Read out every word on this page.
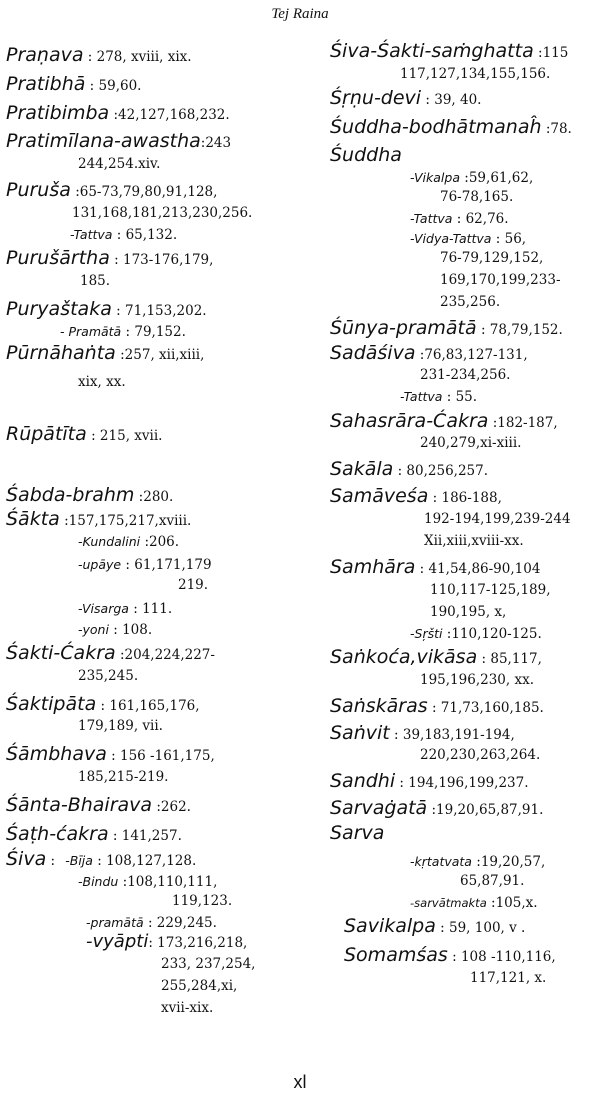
Tej Raina
Praṇava : 278, xviii, xix.
Pratibhā : 59,60.
Pratibimba :42,127,168,232.
Pratimīlana-awastha:243
244,254.xiv.
Puruša :65-73,79,80,91,128,
131,168,181,213,230,256.
-Tattva : 65,132.
Purušārtha : 173-176,179,
185.
Puryaštaka : 71,153,202.
- Pramātā : 79,152.
Pūrnāhaṅta :257, xii,xiii,
xix, xx.
Rūpātīta : 215, xvii.
Śabda-brahm :280.
Śākta :157,175,217,xviii.
-Kundalini :206.
-upāye : 61,171,179
219.
-Visarga : 111.
-yoni : 108.
Śakti-Ćakra :204,224,227-
235,245.
Śaktipāta : 161,165,176,
179,189, vii.
Śāmbhava : 156 -161,175,
185,215-219.
Śānta-Bhairava :262.
Śaṭh-ćakra : 141,257.
Śiva : -Bīja : 108,127,128.
-Bindu :108,110,111,
119,123.
-pramātā : 229,245.
-vyāpti: 173,216,218,
233, 237,254,
255,284,xi,
xvii-xix.
Śiva-Śakti-saṁghatta :115
117,127,134,155,156.
Śṛṇu-devi : 39, 40.
Śuddha-bodhātmanaĥ :78.
Śuddha
-Vikalpa :59,61,62,
76-78,165.
-Tattva : 62,76.
-Vidya-Tattva : 56,
76-79,129,152,
169,170,199,233-
235,256.
Śūnya-pramātā : 78,79,152.
Sadāśiva :76,83,127-131,
231-234,256.
-Tattva : 55.
Sahasrāra-Ćakra :182-187,
240,279,xi-xiii.
Sakāla : 80,256,257.
Samāveśa : 186-188,
192-194,199,239-244
Xii,xiii,xviii-xx.
Samhāra : 41,54,86-90,104
110,117-125,189,
190,195, x,
-Sŗšti :110,120-125.
Saṅkoća,vikāsa : 85,117,
195,196,230, xx.
Saṅskāras : 71,73,160,185.
Saṅvit : 39,183,191-194,
220,230,263,264.
Sandhi : 194,196,199,237.
Sarvaġatā :19,20,65,87,91.
Sarva
-kṛtatvata :19,20,57,
65,87,91.
-sarvātmakta :105,x.
Savikalpa : 59, 100, v .
Somamśas : 108 -110,116,
117,121, x.
xl
